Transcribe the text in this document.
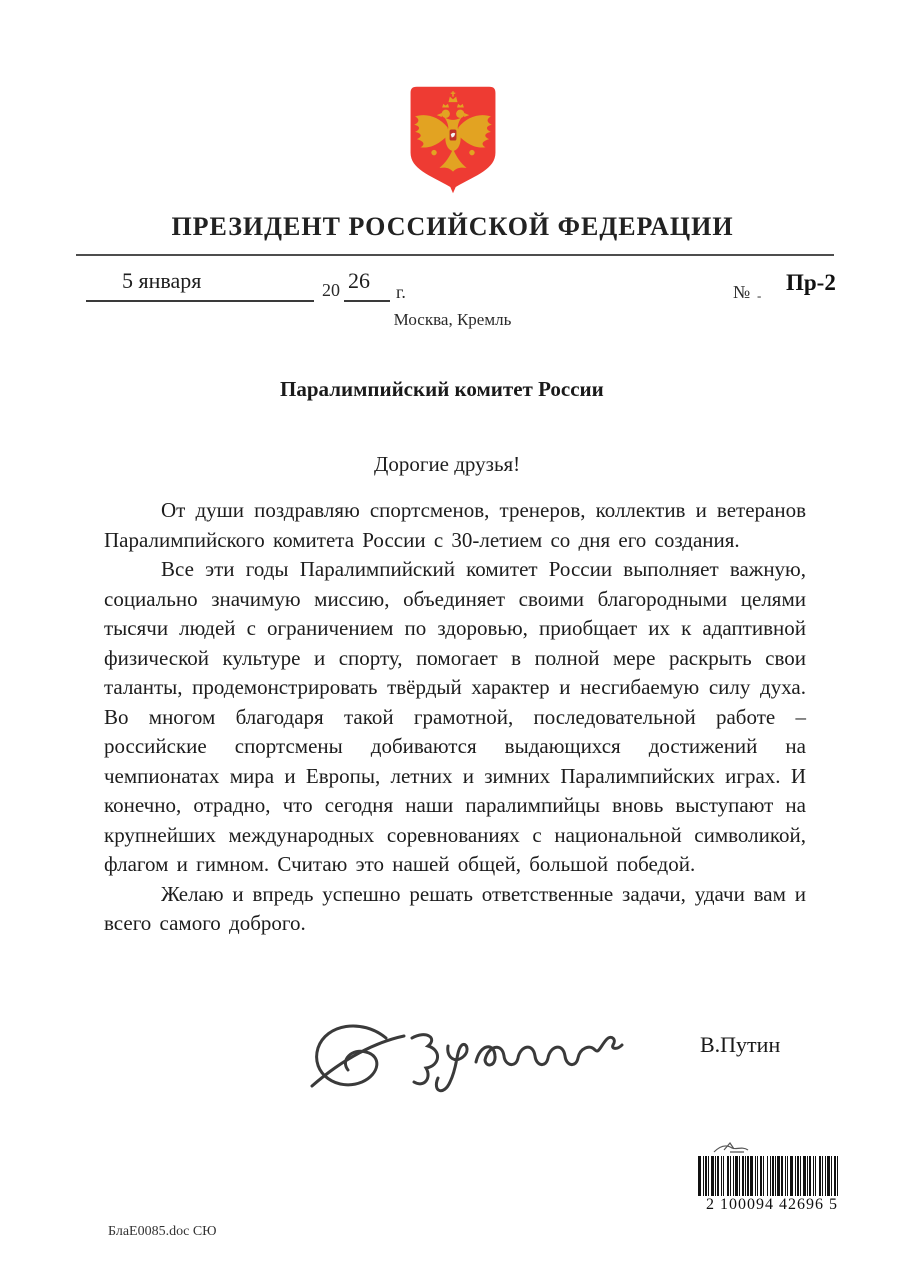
ПРЕЗИДЕНТ РОССИЙСКОЙ ФЕДЕРАЦИИ
5 января	20 26 г.	№ -
Пр-2
Москва, Кремль
Паралимпийский комитет России
Дорогие друзья!

От души поздравляю спортсменов, тренеров, коллектив и ветеранов Паралимпийского комитета России с 30-летием со дня его создания.

Все эти годы Паралимпийский комитет России выполняет важную, социально значимую миссию, объединяет своими благородными целями тысячи людей с ограничением по здоровью, приобщает их к адаптивной физической культуре и спорту, помогает в полной мере раскрыть свои таланты, продемонстрировать твёрдый характер и несгибаемую силу духа. Во многом благодаря такой грамотной, последовательной работе – российские спортсмены добиваются выдающихся достижений на чемпионатах мира и Европы, летних и зимних Паралимпийских играх. И конечно, отрадно, что сегодня наши паралимпийцы вновь выступают на крупнейших международных соревнованиях с национальной символикой, флагом и гимном. Считаю это нашей общей, большой победой.

Желаю и впредь успешно решать ответственные задачи, удачи вам и всего самого доброго.

В.Путин
2 100094 42696 5
БлаЕ0085.doc СЮ
